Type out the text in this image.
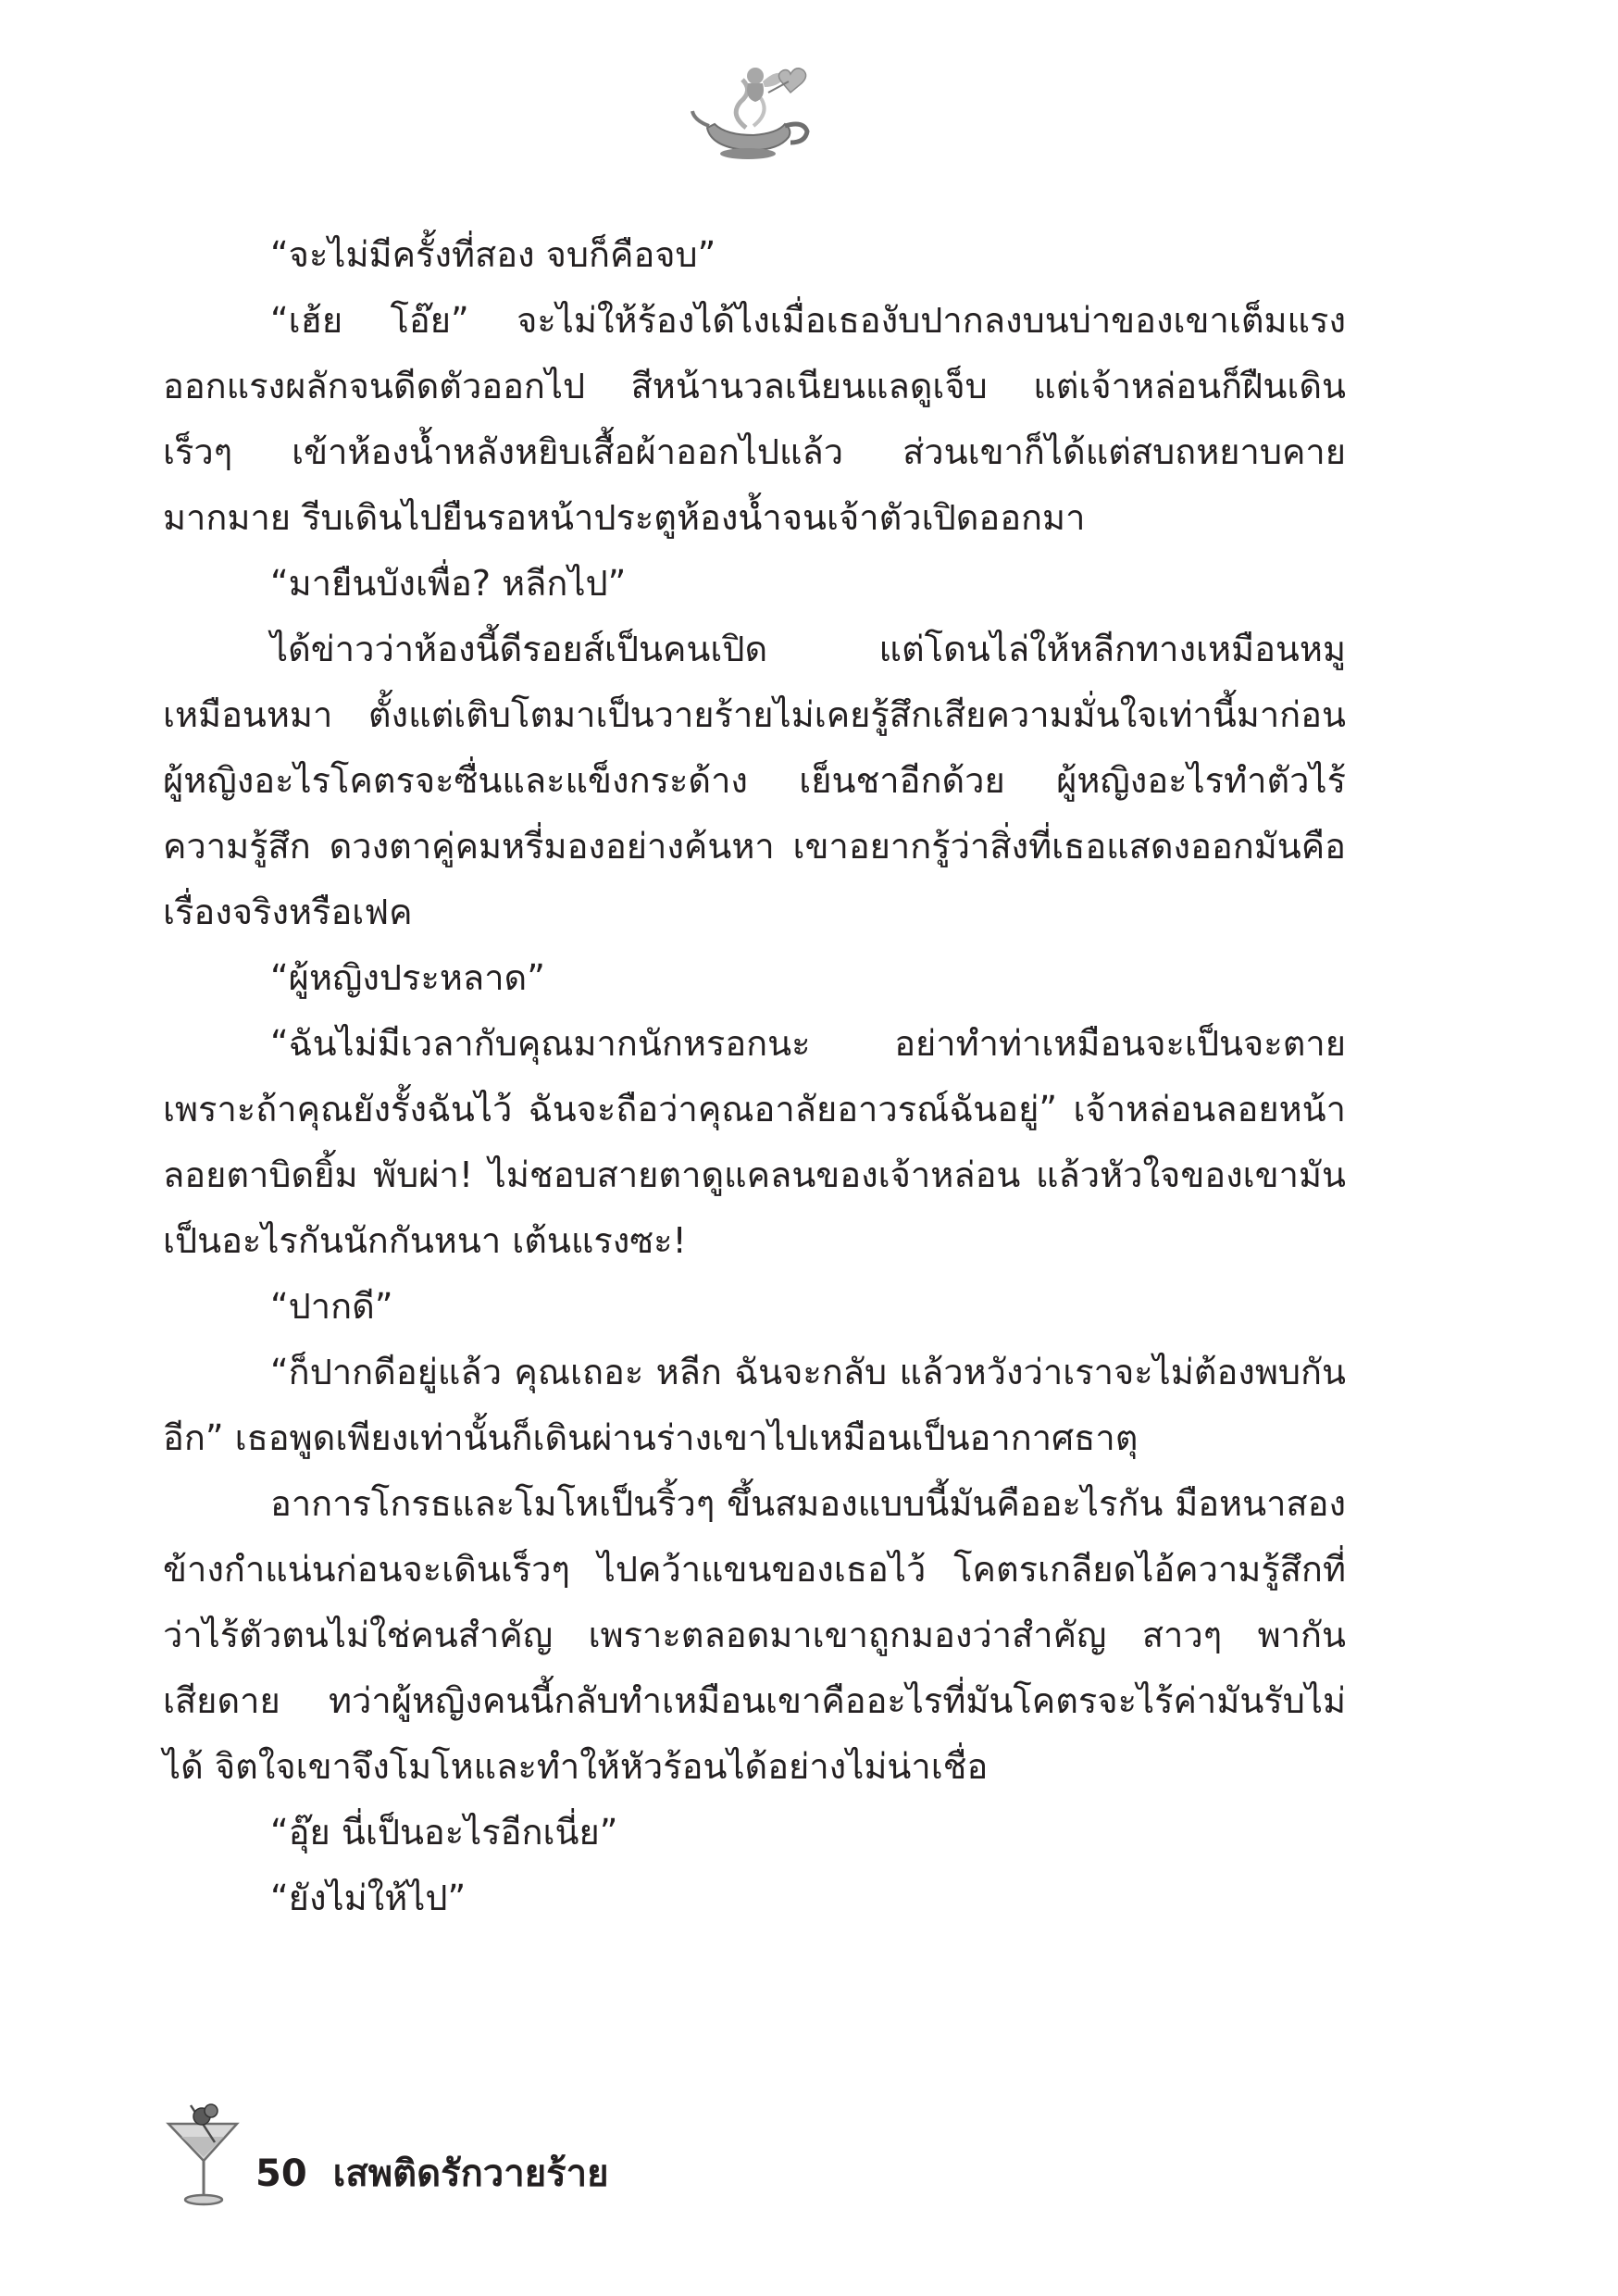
“จะไม่มีครั้งที่สอง จบก็คือจบ”

“เฮ้ย โอ๊ย” จะไม่ให้ร้องได้ไงเมื่อเธองับปากลงบนบ่าของเขาเต็มแรง ออกแรงผลักจนดีดตัวออกไป สีหน้านวลเนียนแลดูเจ็บ แต่เจ้าหล่อนก็ฝืนเดินเร็วๆ เข้าห้องน้ำหลังหยิบเสื้อผ้าออกไปแล้ว ส่วนเขาก็ได้แต่สบถหยาบคายมากมาย รีบเดินไปยืนรอหน้าประตูห้องน้ำจนเจ้าตัวเปิดออกมา

“มายืนบังเพื่อ? หลีกไป”

ได้ข่าวว่าห้องนี้ดีรอยส์เป็นคนเปิด แต่โดนไล่ให้หลีกทางเหมือนหมูเหมือนหมา ตั้งแต่เติบโตมาเป็นวายร้ายไม่เคยรู้สึกเสียความมั่นใจเท่านี้มาก่อน ผู้หญิงอะไรโคตรจะซื่นและแข็งกระด้าง เย็นชาอีกด้วย ผู้หญิงอะไรทำตัวไร้ความรู้สึก ดวงตาคู่คมหรี่มองอย่างค้นหา เขาอยากรู้ว่าสิ่งที่เธอแสดงออกมันคือเรื่องจริงหรือเฟค

“ผู้หญิงประหลาด”

“ฉันไม่มีเวลากับคุณมากนักหรอกนะ อย่าทำท่าเหมือนจะเป็นจะตายเพราะถ้าคุณยังรั้งฉันไว้ ฉันจะถือว่าคุณอาลัยอาวรณ์ฉันอยู่” เจ้าหล่อนลอยหน้าลอยตาบิดยิ้ม พับผ่า! ไม่ชอบสายตาดูแคลนของเจ้าหล่อน แล้วหัวใจของเขามันเป็นอะไรกันนักกันหนา เต้นแรงซะ!

“ปากดี”

“ก็ปากดีอยู่แล้ว คุณเถอะ หลีก ฉันจะกลับ แล้วหวังว่าเราจะไม่ต้องพบกันอีก” เธอพูดเพียงเท่านั้นก็เดินผ่านร่างเขาไปเหมือนเป็นอากาศธาตุ

อาการโกรธและโมโหเป็นริ้วๆ ขึ้นสมองแบบนี้มันคืออะไรกัน มือหนาสองข้างกำแน่นก่อนจะเดินเร็วๆ ไปคว้าแขนของเธอไว้ โคตรเกลียดไอ้ความรู้สึกที่ว่าไร้ตัวตนไม่ใช่คนสำคัญ เพราะตลอดมาเขาถูกมองว่าสำคัญ สาวๆ พากันเสียดาย ทว่าผู้หญิงคนนี้กลับทำเหมือนเขาคืออะไรที่มันโคตรจะไร้ค่ามันรับไม่ได้ จิตใจเขาจึงโมโหและทำให้หัวร้อนได้อย่างไม่น่าเชื่อ

“อุ๊ย นี่เป็นอะไรอีกเนี่ย”

“ยังไม่ให้ไป”

50 เสพติดรักวายร้าย
